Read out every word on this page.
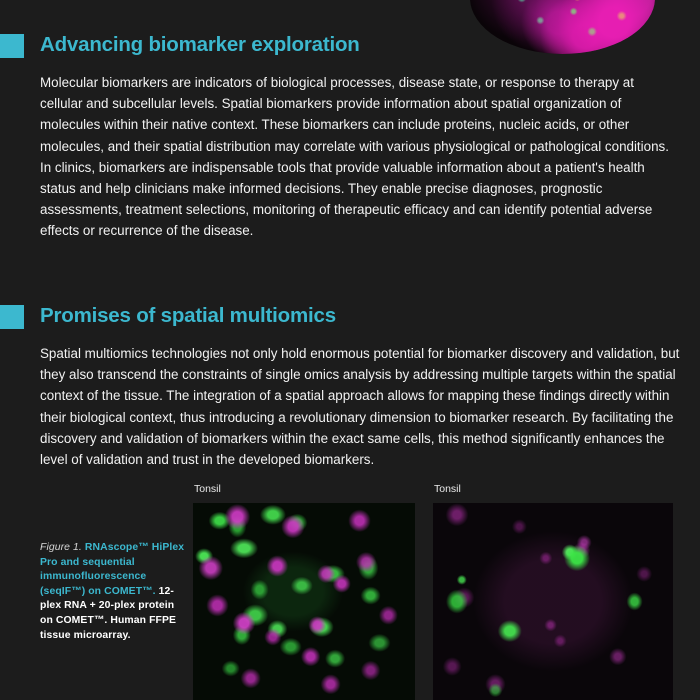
Advancing biomarker exploration

Molecular biomarkers are indicators of biological processes, disease state, or response to therapy at cellular and subcellular levels. Spatial biomarkers provide information about spatial organization of molecules within their native context. These biomarkers can include proteins, nucleic acids, or other molecules, and their spatial distribution may correlate with various physiological or pathological conditions.

In clinics, biomarkers are indispensable tools that provide valuable information about a patient's health status and help clinicians make informed decisions. They enable precise diagnoses, prognostic assessments, treatment selections, monitoring of therapeutic efficacy and can identify potential adverse effects or recurrence of the disease.

Promises of spatial multiomics

Spatial multiomics technologies not only hold enormous potential for biomarker discovery and validation, but they also transcend the constraints of single omics analysis by addressing multiple targets within the spatial context of the tissue. The integration of a spatial approach allows for mapping these findings directly within their biological context, thus introducing a revolutionary dimension to biomarker research. By facilitating the discovery and validation of biomarkers within the exact same cells, this method significantly enhances the level of validation and trust in the developed biomarkers.

Figure 1. RNAscope™ HiPlex Pro and sequential immunofluorescence (seqIF™) on COMET™. 12-plex RNA + 20-plex protein on COMET™. Human FFPE tissue microarray.
Tonsil	Tonsil
